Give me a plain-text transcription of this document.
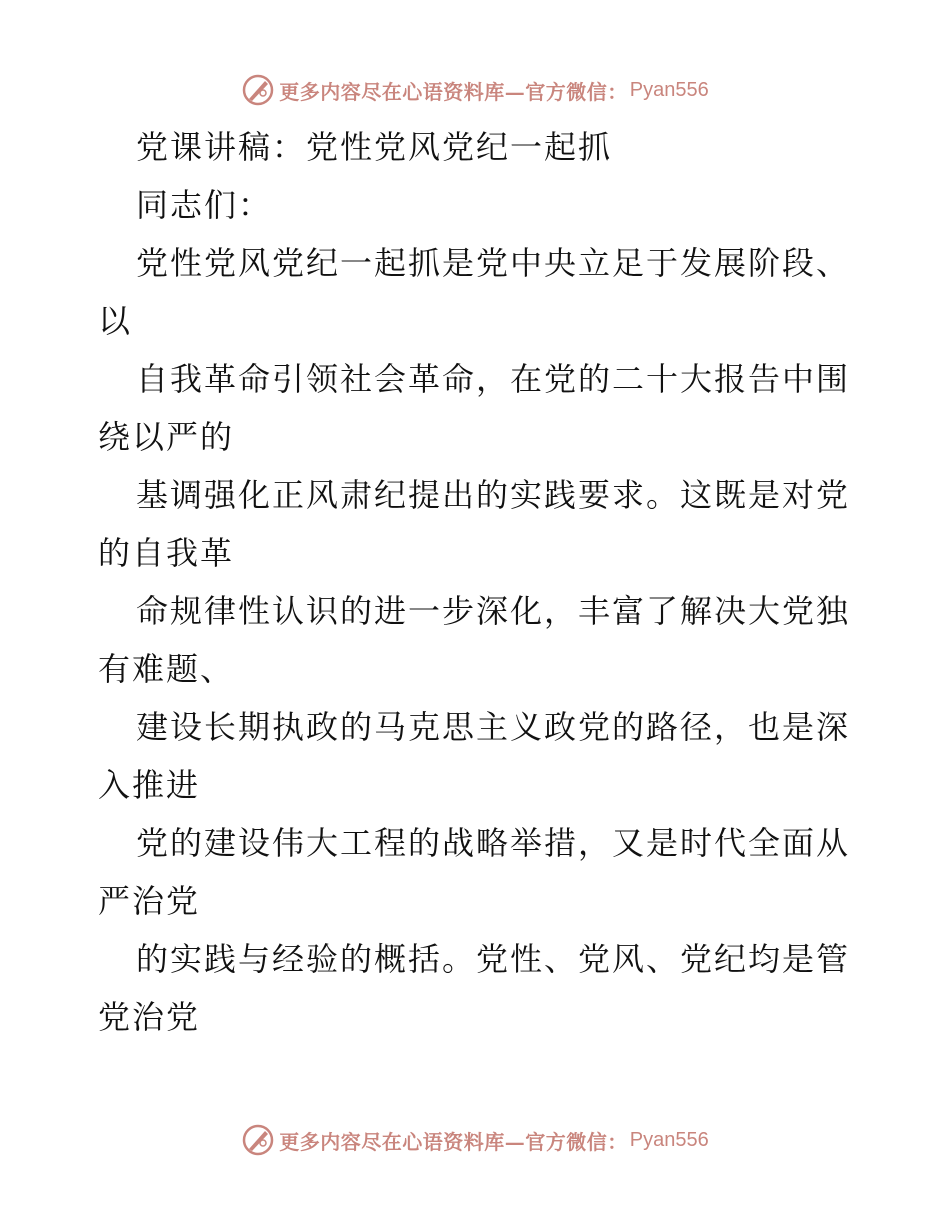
更多内容尽在心语资料库—官方微信： Pyan556
党课讲稿：党性党风党纪一起抓
同志们：
党性党风党纪一起抓是党中央立足于发展阶段、
以
自我革命引领社会革命，在党的二十大报告中围
绕以严的
基调强化正风肃纪提出的实践要求。这既是对党
的自我革
命规律性认识的进一步深化，丰富了解决大党独
有难题、
建设长期执政的马克思主义政党的路径，也是深
入推进
党的建设伟大工程的战略举措，又是时代全面从
严治党
的实践与经验的概括。党性、党风、党纪均是管
党治党
更多内容尽在心语资料库—官方微信： Pyan556
